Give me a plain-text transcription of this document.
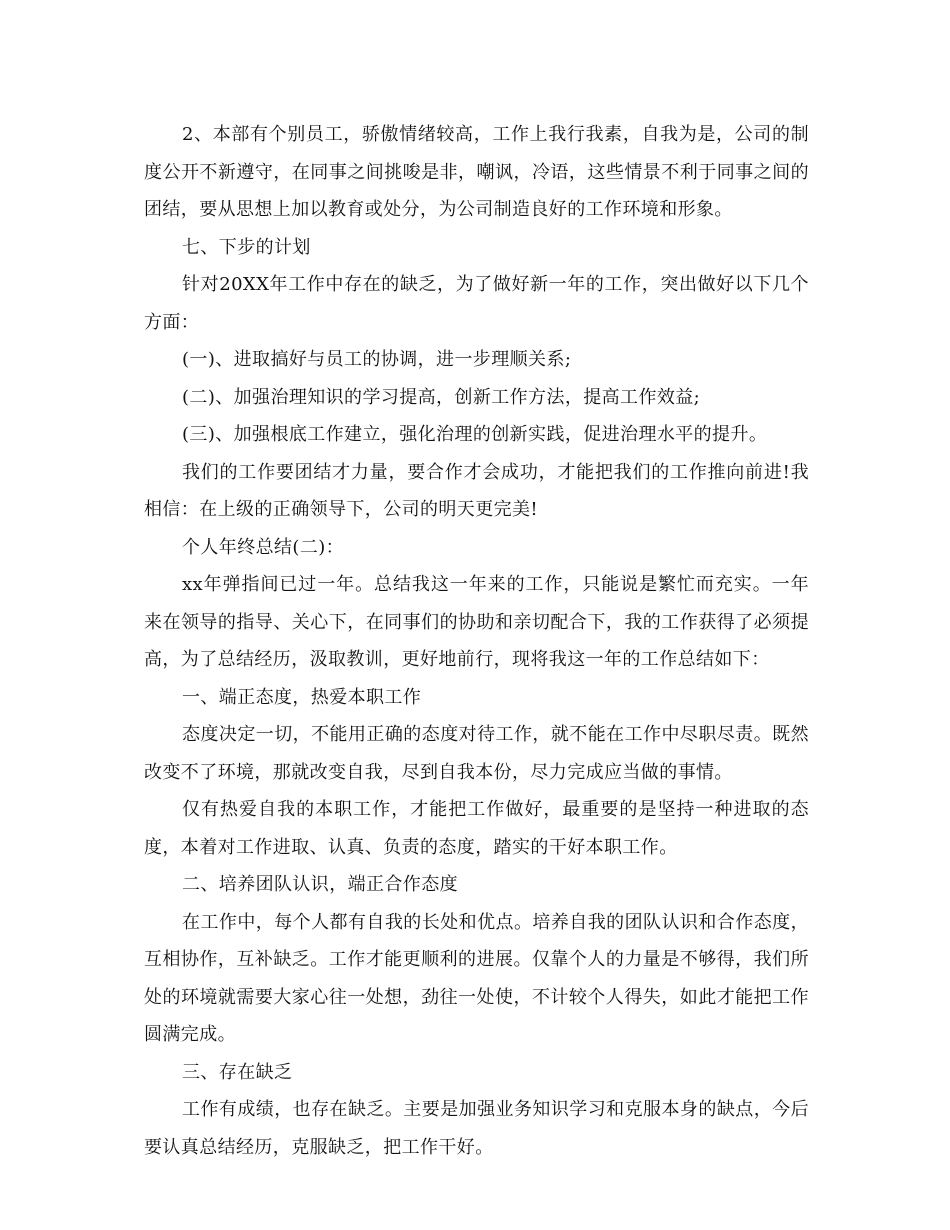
2、本部有个别员工，骄傲情绪较高，工作上我行我素，自我为是，公司的制度公开不新遵守，在同事之间挑唆是非，嘲讽，冷语，这些情景不利于同事之间的团结，要从思想上加以教育或处分，为公司制造良好的工作环境和形象。

七、下步的计划

针对20XX年工作中存在的缺乏，为了做好新一年的工作，突出做好以下几个方面：

(一)、进取搞好与员工的协调，进一步理顺关系;

(二)、加强治理知识的学习提高，创新工作方法，提高工作效益;

(三)、加强根底工作建立，强化治理的创新实践，促进治理水平的提升。

我们的工作要团结才力量，要合作才会成功，才能把我们的工作推向前进!我相信：在上级的正确领导下，公司的明天更完美!

个人年终总结(二)：

xx年弹指间已过一年。总结我这一年来的工作，只能说是繁忙而充实。一年来在领导的指导、关心下，在同事们的协助和亲切配合下，我的工作获得了必须提高，为了总结经历，汲取教训，更好地前行，现将我这一年的工作总结如下：

一、端正态度，热爱本职工作

态度决定一切，不能用正确的态度对待工作，就不能在工作中尽职尽责。既然改变不了环境，那就改变自我，尽到自我本份，尽力完成应当做的事情。

仅有热爱自我的本职工作，才能把工作做好，最重要的是坚持一种进取的态度，本着对工作进取、认真、负责的态度，踏实的干好本职工作。

二、培养团队认识，端正合作态度

在工作中，每个人都有自我的长处和优点。培养自我的团队认识和合作态度，互相协作，互补缺乏。工作才能更顺利的进展。仅靠个人的力量是不够得，我们所处的环境就需要大家心往一处想，劲往一处使，不计较个人得失，如此才能把工作圆满完成。

三、存在缺乏

工作有成绩，也存在缺乏。主要是加强业务知识学习和克服本身的缺点，今后要认真总结经历，克服缺乏，把工作干好。
